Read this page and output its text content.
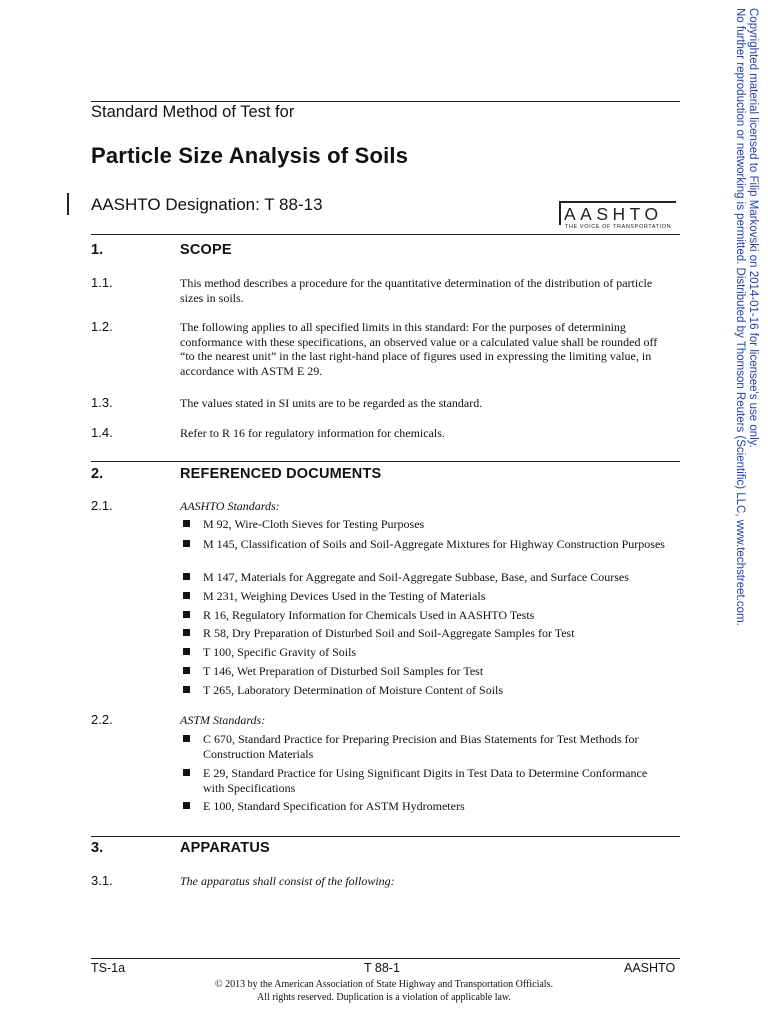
Standard Method of Test for
Particle Size Analysis of Soils
AASHTO Designation: T 88-13	AASHTO
THE VOICE OF TRANSPORTATION
1.	SCOPE
1.1.	This method describes a procedure for the quantitative determination of the distribution of particle sizes in soils.
1.2.	The following applies to all specified limits in this standard: For the purposes of determining conformance with these specifications, an observed value or a calculated value shall be rounded off “to the nearest unit” in the last right-hand place of figures used in expressing the limiting value, in accordance with ASTM E 29.
1.3.	The values stated in SI units are to be regarded as the standard.
1.4.	Refer to R 16 for regulatory information for chemicals.
2.	REFERENCED DOCUMENTS
2.1.	AASHTO Standards:
M 92, Wire-Cloth Sieves for Testing Purposes
M 145, Classification of Soils and Soil-Aggregate Mixtures for Highway Construction Purposes
M 147, Materials for Aggregate and Soil-Aggregate Subbase, Base, and Surface Courses
M 231, Weighing Devices Used in the Testing of Materials
R 16, Regulatory Information for Chemicals Used in AASHTO Tests
R 58, Dry Preparation of Disturbed Soil and Soil-Aggregate Samples for Test
T 100, Specific Gravity of Soils
T 146, Wet Preparation of Disturbed Soil Samples for Test
T 265, Laboratory Determination of Moisture Content of Soils
2.2.	ASTM Standards:
C 670, Standard Practice for Preparing Precision and Bias Statements for Test Methods for Construction Materials
E 29, Standard Practice for Using Significant Digits in Test Data to Determine Conformance with Specifications
E 100, Standard Specification for ASTM Hydrometers
3.	APPARATUS
3.1.	The apparatus shall consist of the following:
TS-1a	T 88-1	AASHTO
© 2013 by the American Association of State Highway and Transportation Officials.
All rights reserved. Duplication is a violation of applicable law.
Copyrighted material licensed to Filip Markovski on 2014-01-16 for licensee's use only.
No further reproduction or networking is permitted. Distributed by Thomson Reuters (Scientific) LLC, www.techstreet.com.
